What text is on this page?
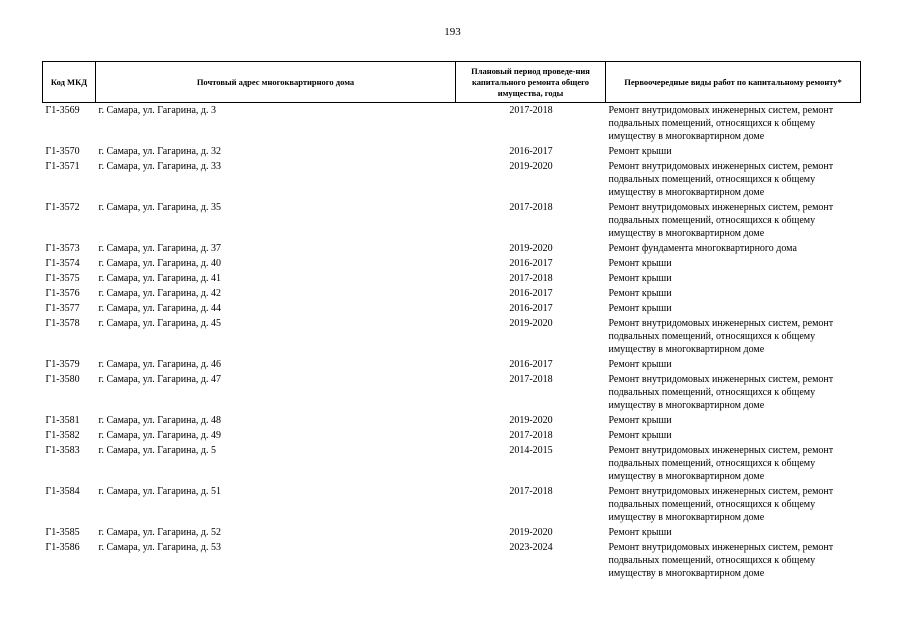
193
Код МКД	Почтовый адрес многоквартирного дома	Плановый период проведе-ния капитального ремонта общего имущества, годы	Первоочередные виды работ по капитальному ремонту*
Г1-3569	г. Самара, ул. Гагарина, д. 3	2017-2018	Ремонт внутридомовых инженерных систем, ремонт подвальных помещений, относящихся к общему имуществу в многоквартирном доме
Г1-3570	г. Самара, ул. Гагарина, д. 32	2016-2017	Ремонт крыши
Г1-3571	г. Самара, ул. Гагарина, д. 33	2019-2020	Ремонт внутридомовых инженерных систем, ремонт подвальных помещений, относящихся к общему имуществу в многоквартирном доме
Г1-3572	г. Самара, ул. Гагарина, д. 35	2017-2018	Ремонт внутридомовых инженерных систем, ремонт подвальных помещений, относящихся к общему имуществу в многоквартирном доме
Г1-3573	г. Самара, ул. Гагарина, д. 37	2019-2020	Ремонт фундамента многоквартирного дома
Г1-3574	г. Самара, ул. Гагарина, д. 40	2016-2017	Ремонт крыши
Г1-3575	г. Самара, ул. Гагарина, д. 41	2017-2018	Ремонт крыши
Г1-3576	г. Самара, ул. Гагарина, д. 42	2016-2017	Ремонт крыши
Г1-3577	г. Самара, ул. Гагарина, д. 44	2016-2017	Ремонт крыши
Г1-3578	г. Самара, ул. Гагарина, д. 45	2019-2020	Ремонт внутридомовых инженерных систем, ремонт подвальных помещений, относящихся к общему имуществу в многоквартирном доме
Г1-3579	г. Самара, ул. Гагарина, д. 46	2016-2017	Ремонт крыши
Г1-3580	г. Самара, ул. Гагарина, д. 47	2017-2018	Ремонт внутридомовых инженерных систем, ремонт подвальных помещений, относящихся к общему имуществу в многоквартирном доме
Г1-3581	г. Самара, ул. Гагарина, д. 48	2019-2020	Ремонт крыши
Г1-3582	г. Самара, ул. Гагарина, д. 49	2017-2018	Ремонт крыши
Г1-3583	г. Самара, ул. Гагарина, д. 5	2014-2015	Ремонт внутридомовых инженерных систем, ремонт подвальных помещений, относящихся к общему имуществу в многоквартирном доме
Г1-3584	г. Самара, ул. Гагарина, д. 51	2017-2018	Ремонт внутридомовых инженерных систем, ремонт подвальных помещений, относящихся к общему имуществу в многоквартирном доме
Г1-3585	г. Самара, ул. Гагарина, д. 52	2019-2020	Ремонт крыши
Г1-3586	г. Самара, ул. Гагарина, д. 53	2023-2024	Ремонт внутридомовых инженерных систем, ремонт подвальных помещений, относящихся к общему имуществу в многоквартирном доме
